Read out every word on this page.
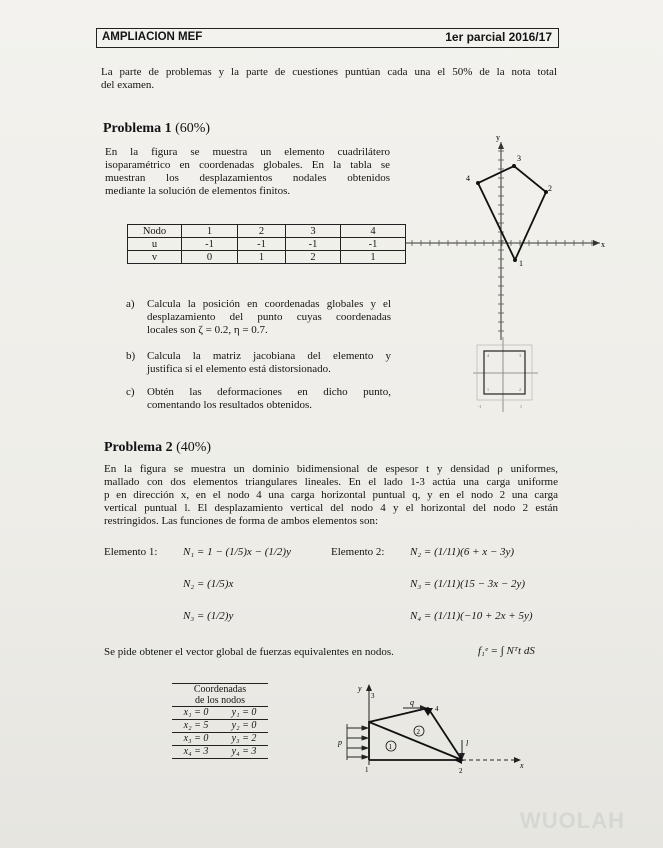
AMPLIACION MEF	1er parcial 2016/17
La parte de problemas y la parte de cuestiones puntúan cada una el 50% de la nota total
del examen.
Problema 1 (60%)
En la figura se muestra un elemento cuadrilátero
isoparamétrico en coordenadas globales. En la tabla se
muestran los desplazamientos nodales obtenidos
mediante la solución de elementos finitos.
Nodo	1	2	3	4
u	-1	-1	-1	-1
v	0	1	2	1
a) Calcula la posición en coordenadas globales y el
desplazamiento del punto cuyas coordenadas
locales son ζ = 0.2, η = 0.7.
b) Calcula la matriz jacobiana del elemento y
justifica si el elemento está distorsionado.
c) Obtén las deformaciones en dicho punto,
comentando los resultados obtenidos.
y
x
1
2
3
4
4	3
1	2
-1	1
Problema 2 (40%)
En la figura se muestra un dominio bidimensional de espesor t y densidad ρ uniformes,
mallado con dos elementos triangulares lineales. En el lado 1-3 actúa una carga uniforme
p en dirección x, en el nodo 4 una carga horizontal puntual q, y en el nodo 2 una carga
vertical puntual l. El desplazamiento vertical del nodo 4 y el horizontal del nodo 2 están
restringidos. Las funciones de forma de ambos elementos son:
Elemento 1: N₁ = 1 − (1/5)x − (1/2)y
N₂ = (1/5)x
N₃ = (1/2)y
Elemento 2: N₂ = (1/11)(6 + x − 3y)
N₃ = (1/11)(15 − 3x − 2y)
N₄ = (1/11)(−10 + 2x + 5y)
Se pide obtener el vector global de fuerzas equivalentes en nodos.	f₁ᵉ = ∫ Nᵀt dS
Coordenadas
de los nodos
x₁ = 0	y₁ = 0
x₂ = 5	y₂ = 0
x₃ = 0	y₃ = 2
x₄ = 3	y₄ = 3
y
x
p
q
4
l
2
1
3
1
2
WUOLAH
